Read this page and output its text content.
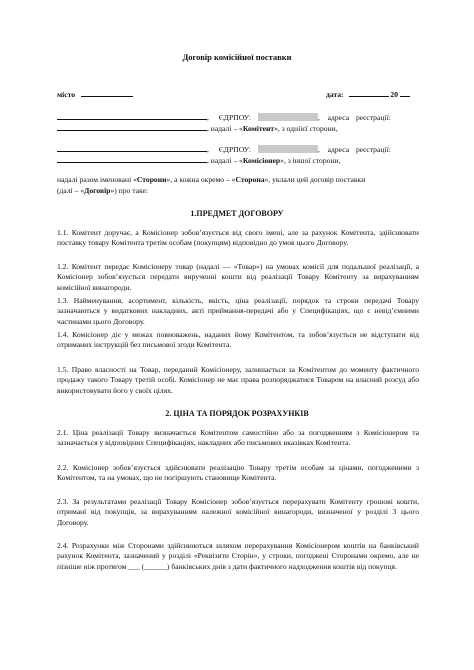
Договір комісійної поставки
місто	дата:	20
, ЄДРПОУ:	, адреса реєстрації:
, надалі – «Комітент», з одніієї сторони,
, ЄДРПОУ:	, адреса реєстрації:
, надалі – «Комісіонер», з іншої сторони,
надалі разом іменовані «Сторони», а кожна окремо – «Сторона», уклали цей договір поставки
(далі – «Договір») про таке:
1.ПРЕДМЕТ ДОГОВОРУ

1.1. Комітент доручає, а Комісіонер зобов’язується від свого імені, але за рахунок Комітента, здійснювати поставку товару Комітента третім особам (покупцям) відповідно до умов цього Договору.

1.2. Комітент передає Комісіонеру товар (надалі — «Товар») на умовах комісії для подальшої реалізації, а Комісіонер зобов’язується передати вирученні кошти від реалізації Товару Комітенту за вирахуванням комісійної винагороди.

1.3. Найменування, асортимент, кількість, якість, ціна реалізації, порядок та строки передачі Товару зазначаються у видаткових накладних, акті приймання-передачі або у Специфікаціях, що є невід’ємними частинами цього Договору.

1.4. Комісіонер діє у межах повноважень, наданих йому Комітентом, та зобов’язується не відступати від отриманих інструкцій без письмової згоди Комітента.

1.5. Право власності на Товар, переданий Комісіонеру, залишається за Комітентом до моменту фактичного продажу такого Товару третій особі. Комісіонер не має права розпоряджатися Товаром на власний розсуд або використовувати його у своїх цілях.

2. ЦІНА ТА ПОРЯДОК РОЗРАХУНКІВ

2.1. Ціна реалізації Товару визначається Комітентом самостійно або за погодженням з Комісіонером та зазначається у відповідних Специфікаціях, накладних або письмових вказівках Комітента.

2.2. Комісіонер зобов’язується здійснювати реалізацію Товару третім особам за цінами, погодженими з Комітентом, та на умовах, що не погіршують становище Комітента.

2.3. За результатами реалізації Товару Комісіонер зобов’язується перерахувати Комітенту грошові кошти, отримані від покупців, за вирахуванням належної комісійної винагороди, визначеної у розділі 3 цього Договору.

2.4. Розрахунки між Сторонами здійснюються шляхом перерахування Комісіонером коштів на банківський рахунок Комітента, зазначений у розділі «Реквізити Сторін», у строки, погоджені Сторонами окремо, але не пізніше ніж протягом ___ (______) банківських днів з дати фактичного надходження коштів від покупця.
